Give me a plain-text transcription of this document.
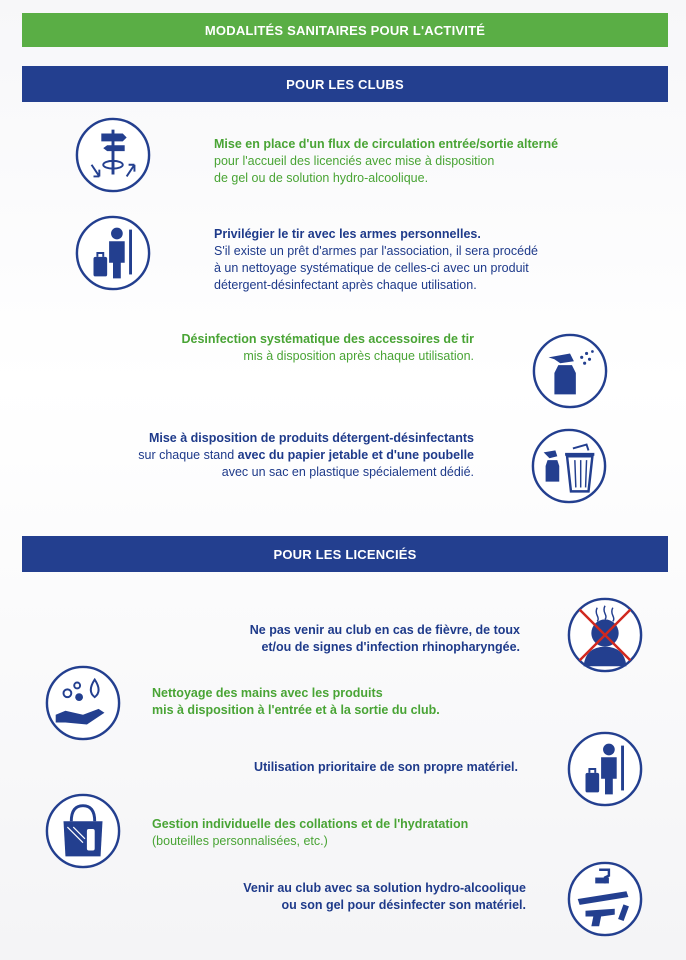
MODALITÉS SANITAIRES POUR L'ACTIVITÉ
POUR LES CLUBS
Mise en place d'un flux de circulation entrée/sortie alterné
pour l'accueil des licenciés avec mise à disposition
de gel ou de solution hydro-alcoolique.
Privilégier le tir avec les armes personnelles.
S'il existe un prêt d'armes par l'association, il sera procédé
à un nettoyage systématique de celles-ci avec un produit
détergent-désinfectant après chaque utilisation.
Désinfection systématique des accessoires de tir
mis à disposition après chaque utilisation.
Mise à disposition de produits détergent-désinfectants
sur chaque stand avec du papier jetable et d'une poubelle
avec un sac en plastique spécialement dédié.
POUR LES LICENCIÉS
Ne pas venir au club en cas de fièvre, de toux
et/ou de signes d'infection rhinopharyngée.
Nettoyage des mains avec les produits
mis à disposition à l'entrée et à la sortie du club.
Utilisation prioritaire de son propre matériel.
Gestion individuelle des collations et de l'hydratation
(bouteilles personnalisées, etc.)
Venir au club avec sa solution hydro-alcoolique
ou son gel pour désinfecter son matériel.
